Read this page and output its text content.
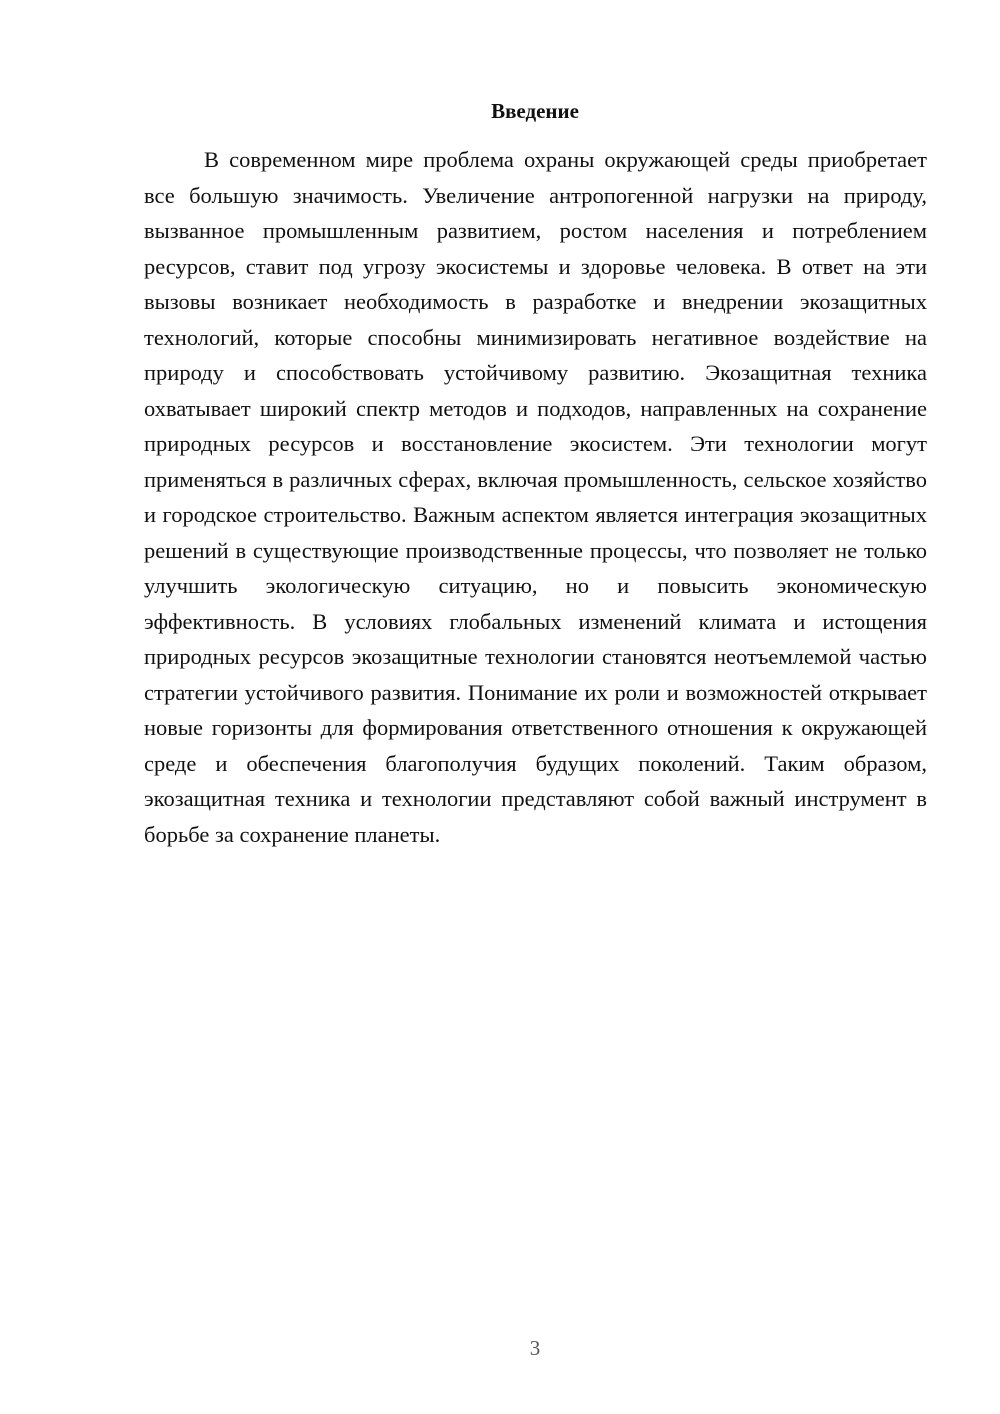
Введение

В современном мире проблема охраны окружающей среды приобретает все большую значимость. Увеличение антропогенной нагрузки на природу, вызванное промышленным развитием, ростом населения и потреблением ресурсов, ставит под угрозу экосистемы и здоровье человека. В ответ на эти вызовы возникает необходимость в разработке и внедрении экозащитных технологий, которые способны минимизировать негативное воздействие на природу и способствовать устойчивому развитию. Экозащитная техника охватывает широкий спектр методов и подходов, направленных на сохранение природных ресурсов и восстановление экосистем. Эти технологии могут применяться в различных сферах, включая промышленность, сельское хозяйство и городское строительство. Важным аспектом является интеграция экозащитных решений в существующие производственные процессы, что позволяет не только улучшить экологическую ситуацию, но и повысить экономическую эффективность. В условиях глобальных изменений климата и истощения природных ресурсов экозащитные технологии становятся неотъемлемой частью стратегии устойчивого развития. Понимание их роли и возможностей открывает новые горизонты для формирования ответственного отношения к окружающей среде и обеспечения благополучия будущих поколений. Таким образом, экозащитная техника и технологии представляют собой важный инструмент в борьбе за сохранение планеты.

3
